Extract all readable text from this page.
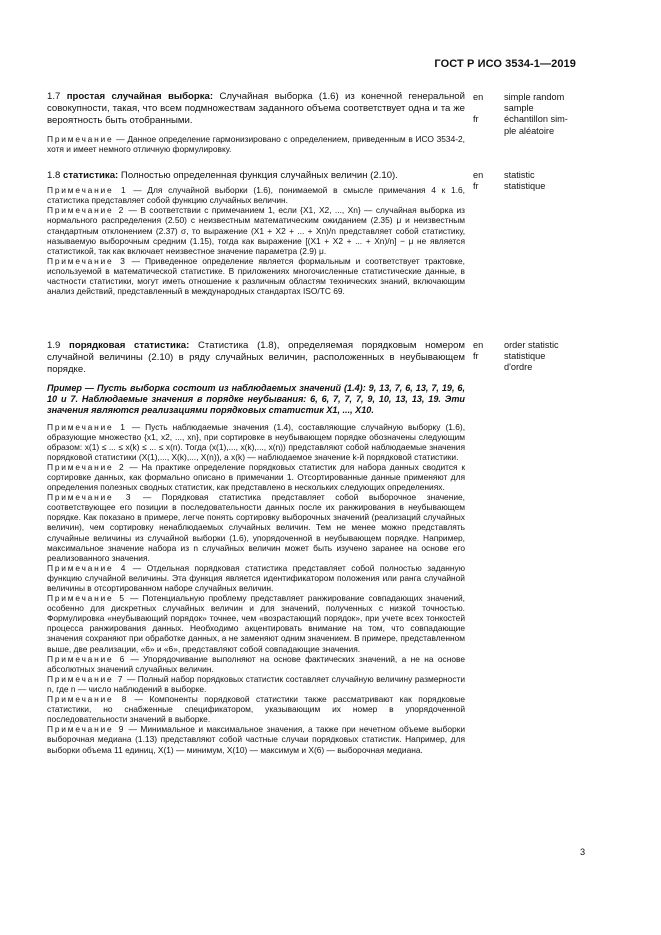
ГОСТ Р ИСО 3534-1—2019

1.7 простая случайная выборка: Случайная выборка (1.6) из конечной генеральной совокупности, такая, что всем подмножествам заданного объема соответствует одна и та же вероятность быть отобранными.

Примечание — Данное определение гармонизировано с определением, приведенным в ИСО 3534-2, хотя и имеет немного отличную формулировку.

en	simple random
sample
fr	échantillon sim-
ple aléatoire

1.8 статистика: Полностью определенная функция случайных величин (2.10).

Примечание 1 — Для случайной выборки (1.6), понимаемой в смысле примечания 4 к 1.6, статистика представляет собой функцию случайных величин.

Примечание 2 — В соответствии с примечанием 1, если {X1, X2, ..., Xn} — случайная выборка из нормального распределения (2.50) с неизвестным математическим ожиданием (2.35) μ и неизвестным стандартным отклонением (2.37) σ, то выражение (X1 + X2 + ... + Xn)/n представляет собой статистику, называемую выборочным средним (1.15), тогда как выражение [(X1 + X2 + ... + Xn)/n] − μ не является статистикой, так как включает неизвестное значение параметра (2.9) μ.

Примечание 3 — Приведенное определение является формальным и соответствует трактовке, используемой в математической статистике. В приложениях многочисленные статистические данные, в частности статистики, могут иметь отношение к различным областям технических знаний, включающим анализ действий, представленный в международных стандартах ISO/TC 69.

en	statistic
fr	statistique

1.9 порядковая статистика: Статистика (1.8), определяемая порядковым номером случайной величины (2.10) в ряду случайных величин, расположенных в неубывающем порядке.

Пример — Пусть выборка состоит из наблюдаемых значений (1.4): 9, 13, 7, 6, 13, 7, 19, 6, 10 и 7. Наблюдаемые значения в порядке неубывания: 6, 6, 7, 7, 7, 9, 10, 13, 13, 19. Эти значения являются реализациями порядковых статистик X1, ..., X10.

Примечание 1 — Пусть наблюдаемые значения (1.4), составляющие случайную выборку (1.6), образующие множество {x1, x2, ..., xn}, при сортировке в неубывающем порядке обозначены следующим образом: x(1) ≤ ... ≤ x(k) ≤ ... ≤ x(n). Тогда (x(1),..., x(k),..., x(n)) представляют собой наблюдаемые значения порядковой статистики (X(1),..., X(k),..., X(n)), а x(k) — наблюдаемое значение k-й порядковой статистики.

Примечание 2 — На практике определение порядковых статистик для набора данных сводится к сортировке данных, как формально описано в примечании 1. Отсортированные данные применяют для определения полезных сводных статистик, как представлено в нескольких следующих определениях.

Примечание 3 — Порядковая статистика представляет собой выборочное значение, соответствующее его позиции в последовательности данных после их ранжирования в неубывающем порядке. Как показано в примере, легче понять сортировку выборочных значений (реализаций случайных величин), чем сортировку ненаблюдаемых случайных величин. Тем не менее можно представлять случайные величины из случайной выборки (1.6), упорядоченной в неубывающем порядке. Например, максимальное значение набора из n случайных величин может быть изучено заранее на основе его реализованного значения.

Примечание 4 — Отдельная порядковая статистика представляет собой полностью заданную функцию случайной величины. Эта функция является идентификатором положения или ранга случайной величины в отсортированном наборе случайных величин.

Примечание 5 — Потенциальную проблему представляет ранжирование совпадающих значений, особенно для дискретных случайных величин и для значений, полученных с низкой точностью. Формулировка «неубывающий порядок» точнее, чем «возрастающий порядок», при учете всех тонкостей процесса ранжирования данных. Необходимо акцентировать внимание на том, что совпадающие значения сохраняют при обработке данных, а не заменяют одним значением. В примере, представленном выше, две реализации, «6» и «6», представляют собой совпадающие значения.

Примечание 6 — Упорядочивание выполняют на основе фактических значений, а не на основе абсолютных значений случайных величин.

Примечание 7 — Полный набор порядковых статистик составляет случайную величину размерности n, где n — число наблюдений в выборке.

Примечание 8 — Компоненты порядковой статистики также рассматривают как порядковые статистики, но снабженные спецификатором, указывающим их номер в упорядоченной последовательности значений в выборке.

Примечание 9 — Минимальное и максимальное значения, а также при нечетном объеме выборки выборочная медиана (1.13) представляют собой частные случаи порядковых статистик. Например, для выборки объема 11 единиц, X(1) — минимум, X(10) — максимум и X(6) — выборочная медиана.

en	order statistic
fr	statistique
d'ordre
3
